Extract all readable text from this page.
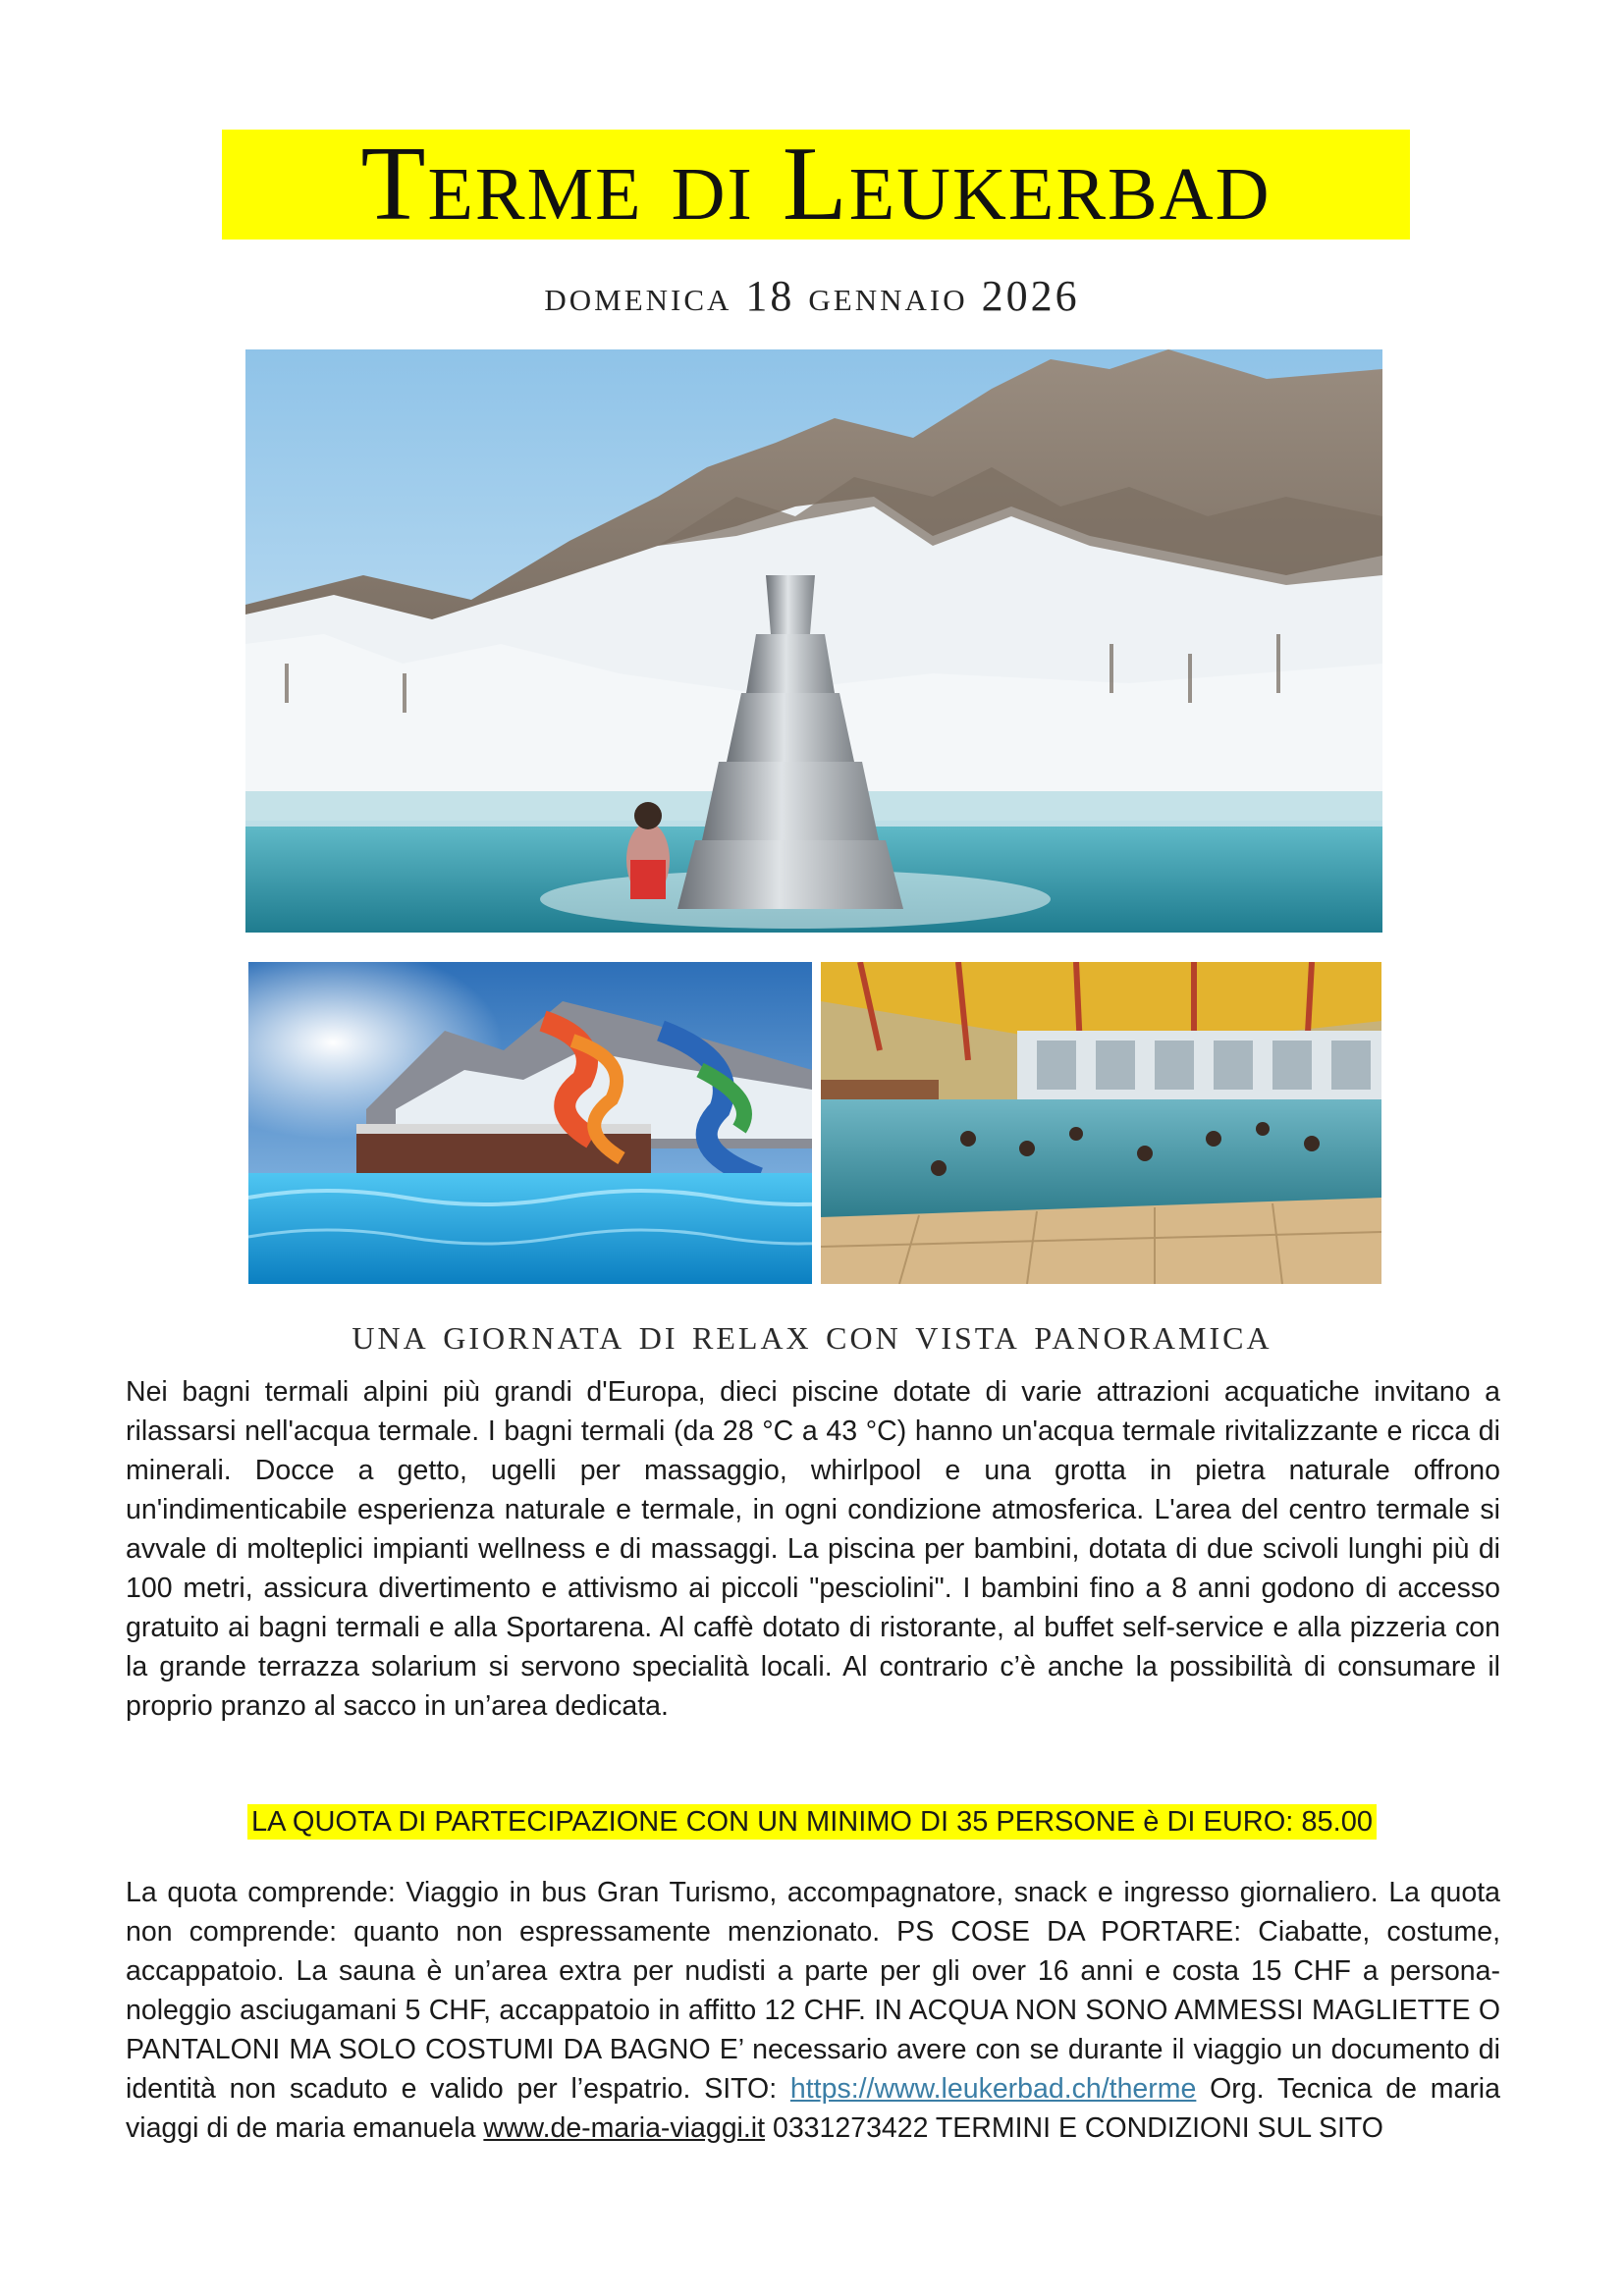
Terme di Leukerbad
domenica 18 gennaio 2026
una giornata di relax con vista panoramica

Nei bagni termali alpini più grandi d'Europa, dieci piscine dotate di varie attrazioni acquatiche invitano a rilassarsi nell'acqua termale. I bagni termali (da 28 °C a 43 °C) hanno un'acqua termale rivitalizzante e ricca di minerali. Docce a getto, ugelli per massaggio, whirlpool e una grotta in pietra naturale offrono un'indimenticabile esperienza naturale e termale, in ogni condizione atmosferica. L'area del centro termale si avvale di molteplici impianti wellness e di massaggi. La piscina per bambini, dotata di due scivoli lunghi più di 100 metri, assicura divertimento e attivismo ai piccoli "pesciolini". I bambini fino a 8 anni godono di accesso gratuito ai bagni termali e alla Sportarena. Al caffè dotato di ristorante, al buffet self-service e alla pizzeria con la grande terrazza solarium si servono specialità locali. Al contrario c’è anche la possibilità di consumare il proprio pranzo al sacco in un’area dedicata.

LA QUOTA DI PARTECIPAZIONE CON UN MINIMO DI 35 PERSONE è DI EURO: 85.00

La quota comprende: Viaggio in bus Gran Turismo, accompagnatore, snack e ingresso giornaliero. La quota non comprende: quanto non espressamente menzionato. PS COSE DA PORTARE: Ciabatte, costume, accappatoio. La sauna è un’area extra per nudisti a parte per gli over 16 anni e costa 15 CHF a persona- noleggio asciugamani 5 CHF, accappatoio in affitto 12 CHF. IN ACQUA NON SONO AMMESSI MAGLIETTE O PANTALONI MA SOLO COSTUMI DA BAGNO E’ necessario avere con se durante il viaggio un documento di identità non scaduto e valido per l’espatrio. SITO: https://www.leukerbad.ch/therme Org. Tecnica de maria viaggi di de maria emanuela www.de-maria-viaggi.it 0331273422 TERMINI E CONDIZIONI SUL SITO
